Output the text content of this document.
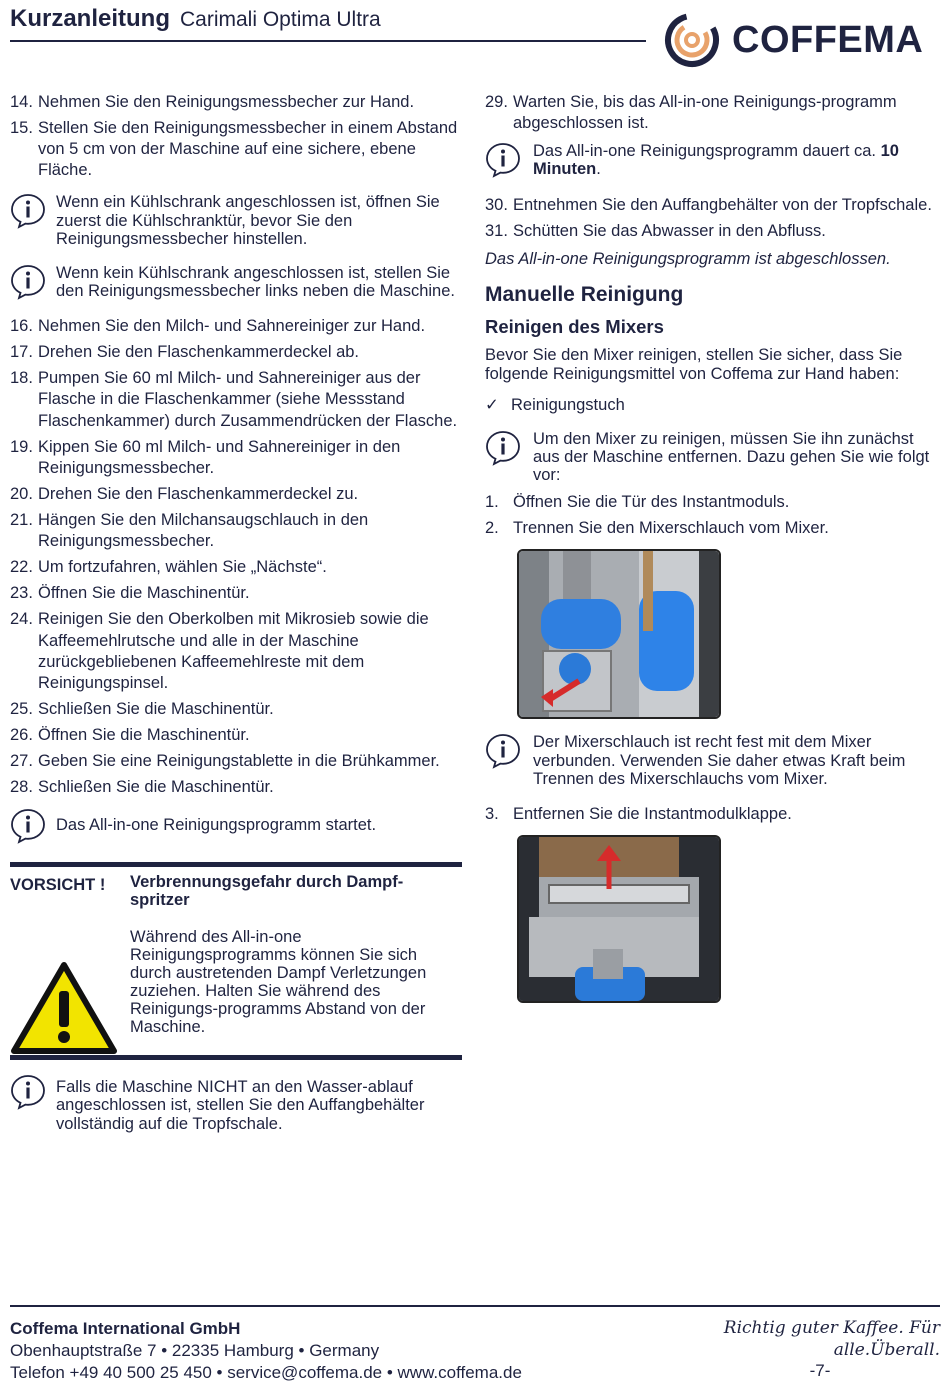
Kurzanleitung Carimali Optima Ultra	COFFEMA
14. Nehmen Sie den Reinigungsmessbecher zur Hand.
15. Stellen Sie den Reinigungsmessbecher in einem Abstand von 5 cm von der Maschine auf eine sichere, ebene Fläche.
Wenn ein Kühlschrank angeschlossen ist, öffnen Sie zuerst die Kühlschranktür, bevor Sie den Reinigungsmessbecher hinstellen.
Wenn kein Kühlschrank angeschlossen ist, stellen Sie den Reinigungsmessbecher links neben die Maschine.
16. Nehmen Sie den Milch- und Sahnereiniger zur Hand.
17. Drehen Sie den Flaschenkammerdeckel ab.
18. Pumpen Sie 60 ml Milch- und Sahnereiniger aus der Flasche in die Flaschenkammer (siehe Messstand Flaschenkammer) durch Zusammendrücken der Flasche.
19. Kippen Sie 60 ml Milch- und Sahnereiniger in den Reinigungsmessbecher.
20. Drehen Sie den Flaschenkammerdeckel zu.
21. Hängen Sie den Milchansaugschlauch in den Reinigungsmessbecher.
22. Um fortzufahren, wählen Sie „Nächste“.
23. Öffnen Sie die Maschinentür.
24. Reinigen Sie den Oberkolben mit Mikrosieb sowie die Kaffeemehlrutsche und alle in der Maschine zurückgebliebenen Kaffeemehlreste mit dem Reinigungspinsel.
25. Schließen Sie die Maschinentür.
26. Öffnen Sie die Maschinentür.
27. Geben Sie eine Reinigungstablette in die Brühkammer.
28. Schließen Sie die Maschinentür.
Das All-in-one Reinigungsprogramm startet.
VORSICHT ! Verbrennungsgefahr durch Dampf-spritzer
Während des All-in-one Reinigungsprogramms können Sie sich durch austretenden Dampf Verletzungen zuziehen. Halten Sie während des Reinigungs-programms Abstand von der Maschine.
Falls die Maschine NICHT an den Wasser-ablauf angeschlossen ist, stellen Sie den Auffangbehälter vollständig auf die Tropfschale.
29. Warten Sie, bis das All-in-one Reinigungs-programm abgeschlossen ist.
Das All-in-one Reinigungsprogramm dauert ca. 10 Minuten.
30. Entnehmen Sie den Auffangbehälter von der Tropfschale.
31. Schütten Sie das Abwasser in den Abfluss.
Das All-in-one Reinigungsprogramm ist abgeschlossen.
Manuelle Reinigung
Reinigen des Mixers
Bevor Sie den Mixer reinigen, stellen Sie sicher, dass Sie folgende Reinigungsmittel von Coffema zur Hand haben:
✓ Reinigungstuch
Um den Mixer zu reinigen, müssen Sie ihn zunächst aus der Maschine entfernen. Dazu gehen Sie wie folgt vor:
1. Öffnen Sie die Tür des Instantmoduls.
2. Trennen Sie den Mixerschlauch vom Mixer.
Der Mixerschlauch ist recht fest mit dem Mixer verbunden. Verwenden Sie daher etwas Kraft beim Trennen des Mixerschlauchs vom Mixer.
3. Entfernen Sie die Instantmodulklappe.
Coffema International GmbH
Obenhauptstraße 7 • 22335 Hamburg • Germany
Telefon +49 40 500 25 450 • service@coffema.de • www.coffema.de
Richtig guter Kaffee. Für alle.Überall.
-7-
